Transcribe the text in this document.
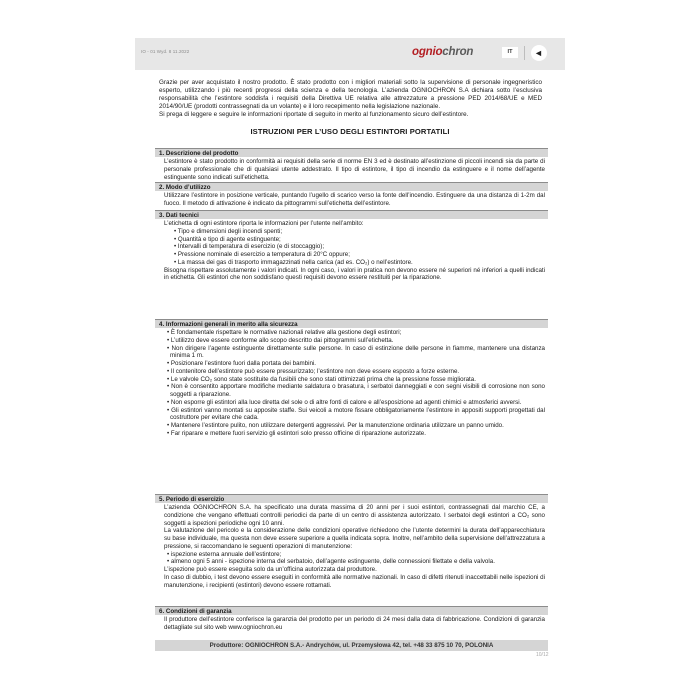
IO - 01 Wyd. 8 11.2022	ogniochron	IT	◄

Grazie per aver acquistato il nostro prodotto. È stato prodotto con i migliori materiali sotto la supervisione di personale ingegneristico esperto, utilizzando i più recenti progressi della scienza e della tecnologia. L’azienda OGNIOCHRON S.A dichiara sotto l’esclusiva responsabilità che l’estintore soddisfa i requisiti della Direttiva UE relativa alle attrezzature a pressione PED 2014/68/UE e MED 2014/90/UE (prodotti contrassegnati da un volante) e il loro recepimento nella legislazione nazionale.

Si prega di leggere e seguire le informazioni riportate di seguito in merito al funzionamento sicuro dell’estintore.

ISTRUZIONI PER L’USO DEGLI ESTINTORI PORTATILI
1. Descrizione del prodotto

L’estintore è stato prodotto in conformità ai requisiti della serie di norme EN 3 ed è destinato all’estinzione di piccoli incendi sia da parte di personale professionale che di qualsiasi utente addestrato. Il tipo di estintore, il tipo di incendio da estinguere e il nome dell’agente estinguente sono indicati sull’etichetta.

2. Modo d’utilizzo

Utilizzare l’estintore in posizione verticale, puntando l’ugello di scarico verso la fonte dell’incendio. Estinguere da una distanza di 1-2m dal fuoco. Il metodo di attivazione è indicato da pittogrammi sull’etichetta dell’estintore.

3. Dati tecnici

L’etichetta di ogni estintore riporta le informazioni per l’utente nell’ambito:

• Tipo e dimensioni degli incendi spenti;

• Quantità e tipo di agente estinguente;

• Intervalli di temperatura di esercizio (e di stoccaggio);

• Pressione nominale di esercizio a temperatura di 20°C oppure;

• La massa dei gas di trasporto immagazzinati nella carica (ad es. CO₂) o nell’estintore.

Bisogna rispettare assolutamente i valori indicati. In ogni caso, i valori in pratica non devono essere né superiori né inferiori a quelli indicati in etichetta. Gli estintori che non soddisfano questi requisiti devono essere restituiti per la riparazione.

4. Informazioni generali in merito alla sicurezza

• È fondamentale rispettare le normative nazionali relative alla gestione degli estintori;

• L’utilizzo deve essere conforme allo scopo descritto dai pittogrammi sull’etichetta.

• Non dirigere l’agente estinguente direttamente sulle persone. In caso di estinzione delle persone in fiamme, mantenere una distanza minima 1 m.

• Posizionare l’estintore fuori dalla portata dei bambini.

• Il contenitore dell’estintore può essere pressurizzato; l’estintore non deve essere esposto a forze esterne.

• Le valvole CO₂ sono state sostituite da fusibili che sono stati ottimizzati prima che la pressione fosse migliorata.

• Non è consentito apportare modifiche mediante saldatura o brasatura, i serbatoi danneggiati e con segni visibili di corrosione non sono soggetti a riparazione.

• Non esporre gli estintori alla luce diretta del sole o di altre fonti di calore e all’esposizione ad agenti chimici e atmosferici avversi.

• Gli estintori vanno montati su apposite staffe. Sui veicoli a motore fissare obbligatoriamente l’estintore in appositi supporti progettati dal costruttore per evitare che cada.

• Mantenere l’estintore pulito, non utilizzare detergenti aggressivi. Per la manutenzione ordinaria utilizzare un panno umido.

• Far riparare e mettere fuori servizio gli estintori solo presso officine di riparazione autorizzate.

5. Periodo di esercizio

L’azienda OGNIOCHRON S.A. ha specificato una durata massima di 20 anni per i suoi estintori, contrassegnati dal marchio CE, a condizione che vengano effettuati controlli periodici da parte di un centro di assistenza autorizzato. I serbatoi degli estintori a CO₂ sono soggetti a ispezioni periodiche ogni 10 anni.

La valutazione del pericolo e la considerazione delle condizioni operative richiedono che l’utente determini la durata dell’apparecchiatura su base individuale, ma questa non deve essere superiore a quella indicata sopra. Inoltre, nell’ambito della supervisione dell’attrezzatura a pressione, si raccomandano le seguenti operazioni di manutenzione:

• ispezione esterna annuale dell’estintore;

• almeno ogni 5 anni - ispezione interna del serbatoio, dell’agente estinguente, delle connessioni filettate e della valvola.

L’ispezione può essere eseguita solo da un’officina autorizzata dal produttore.

In caso di dubbio, i test devono essere eseguiti in conformità alle normative nazionali. In caso di difetti ritenuti inaccettabili nelle ispezioni di manutenzione, i recipienti (estintori) devono essere rottamati.

6. Condizioni di garanzia

Il produttore dell’estintore conferisce la garanzia del prodotto per un periodo di 24 mesi dalla data di fabbricazione. Condizioni di garanzia dettagliate sul sito web www.ogniochron.eu

Produttore: OGNIOCHRON S.A.- Andrychów, ul. Przemysłowa 42, tel. +48 33 875 10 70, POLONIA
10/12
